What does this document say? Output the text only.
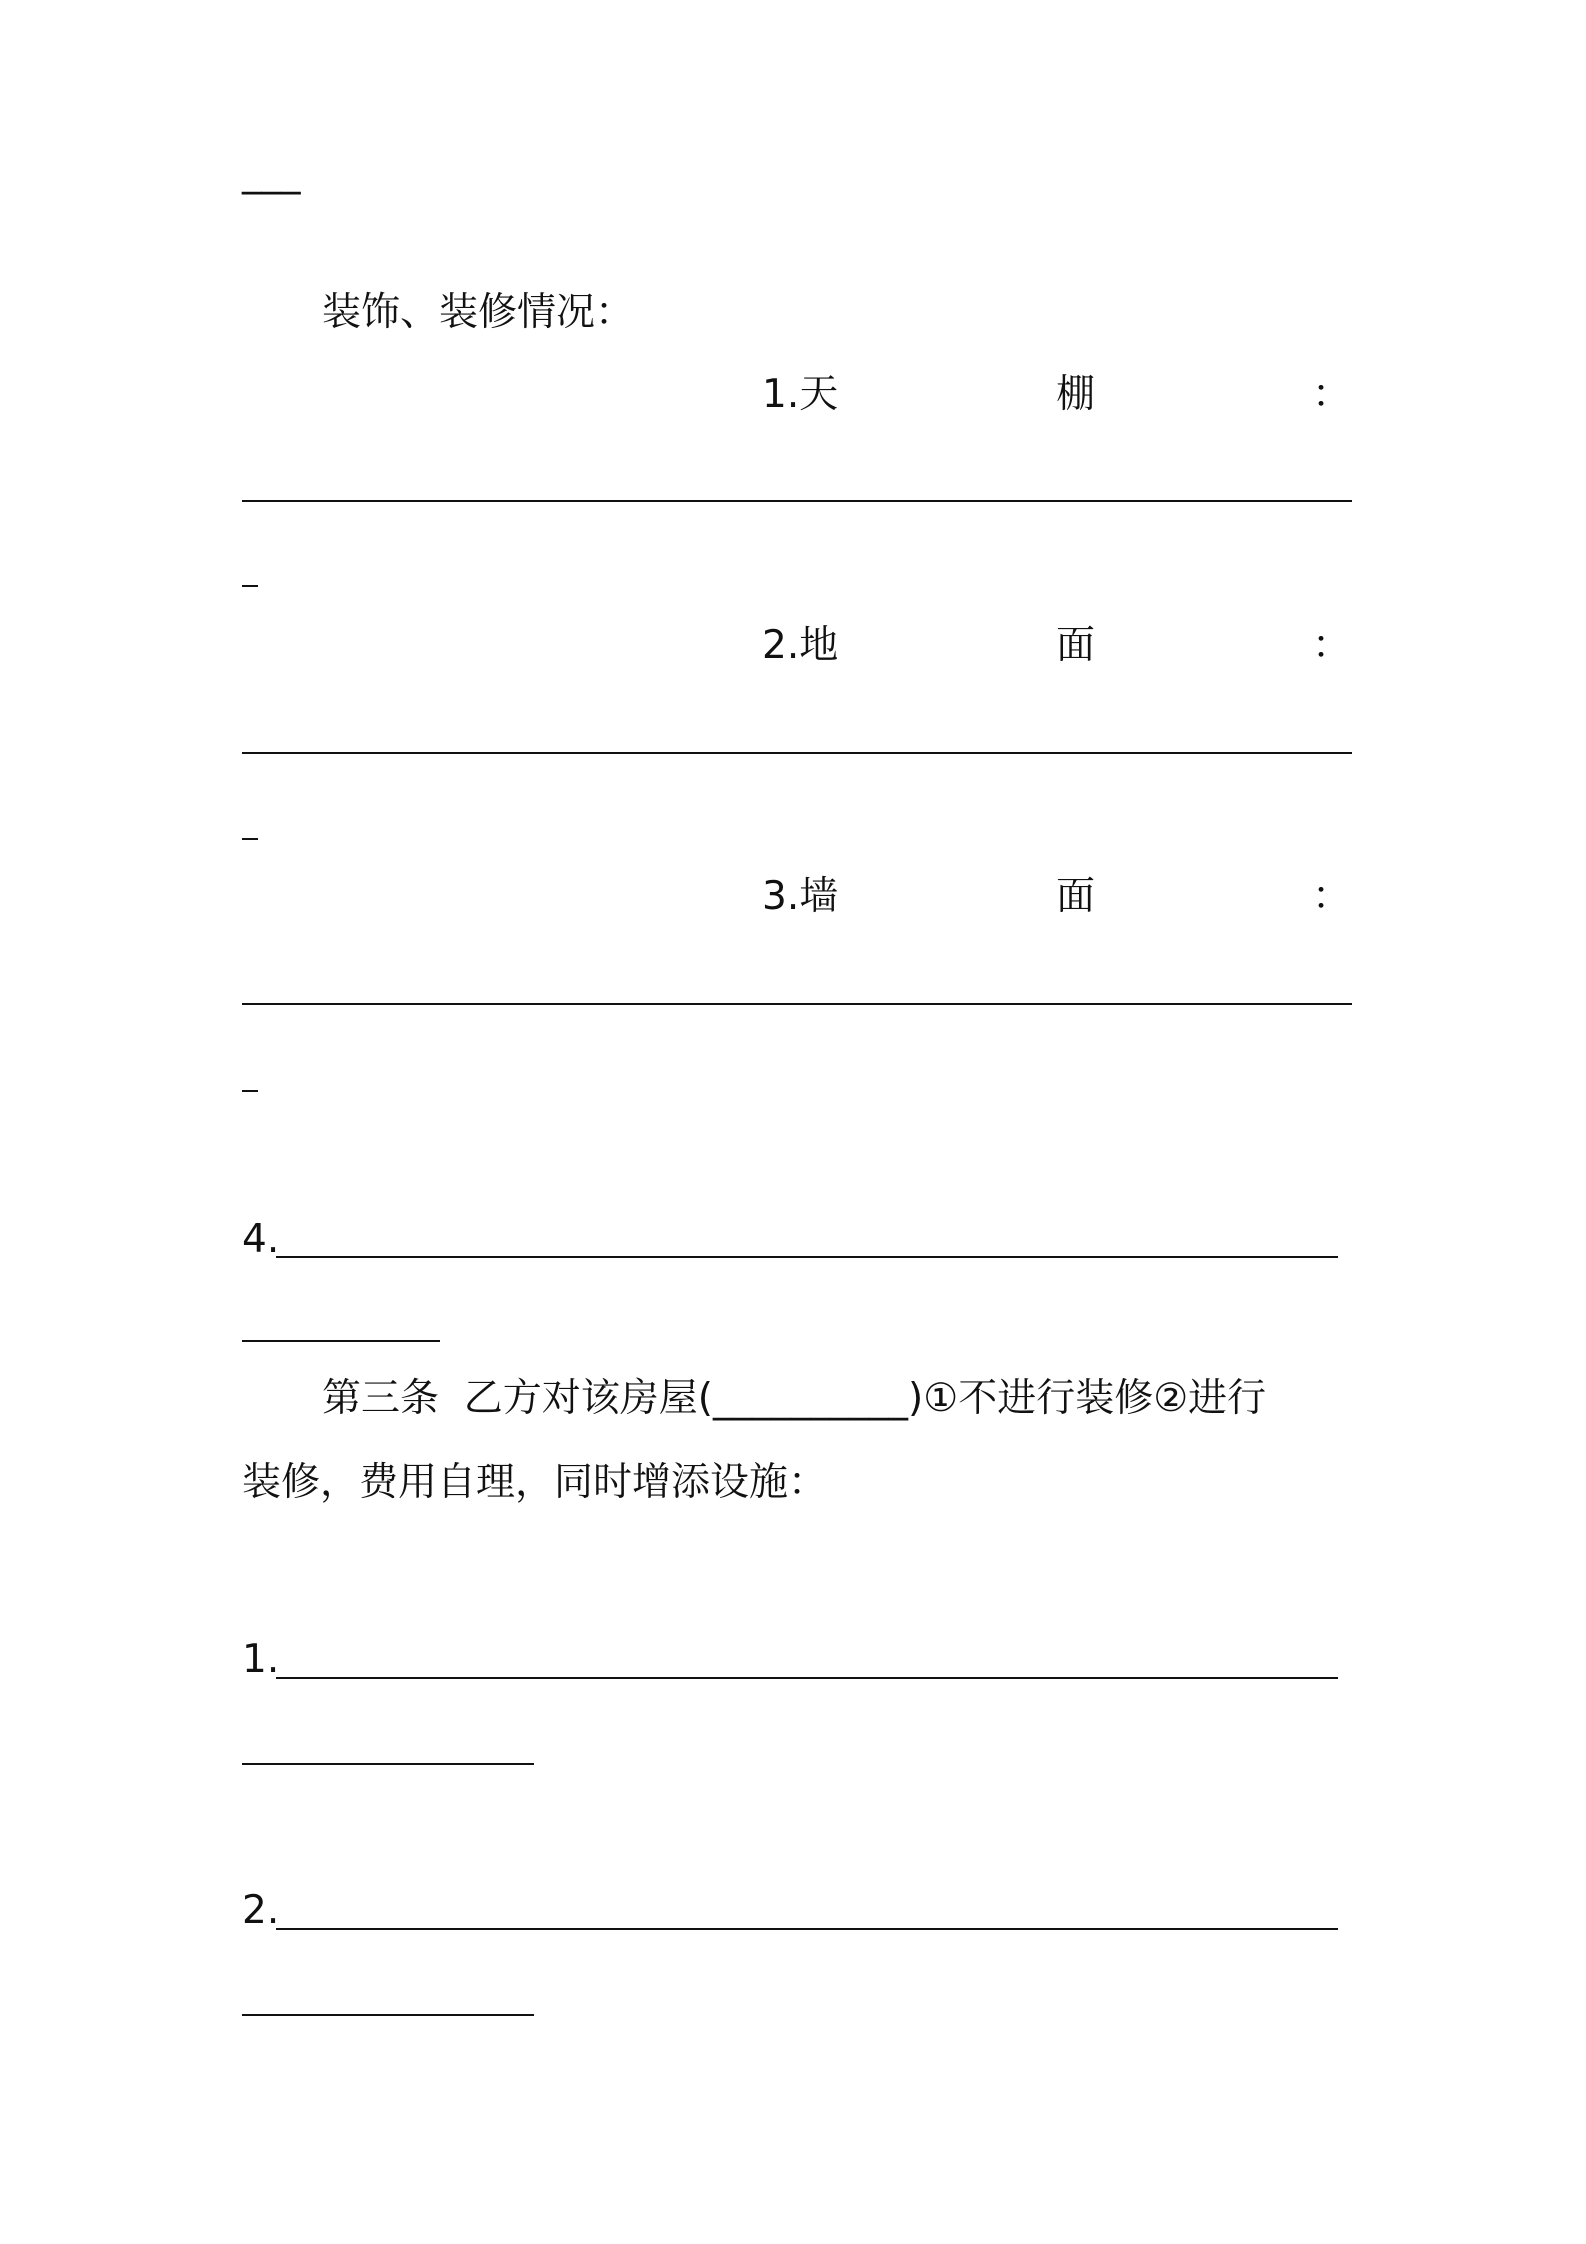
___
装饰、装修情况：
1.天	棚	：
2.地	面	：
3.墙	面	：
4.
第三条  乙方对该房屋(__________)①不进行装修②进行
装修，费用自理，同时增添设施：
1.
2.
